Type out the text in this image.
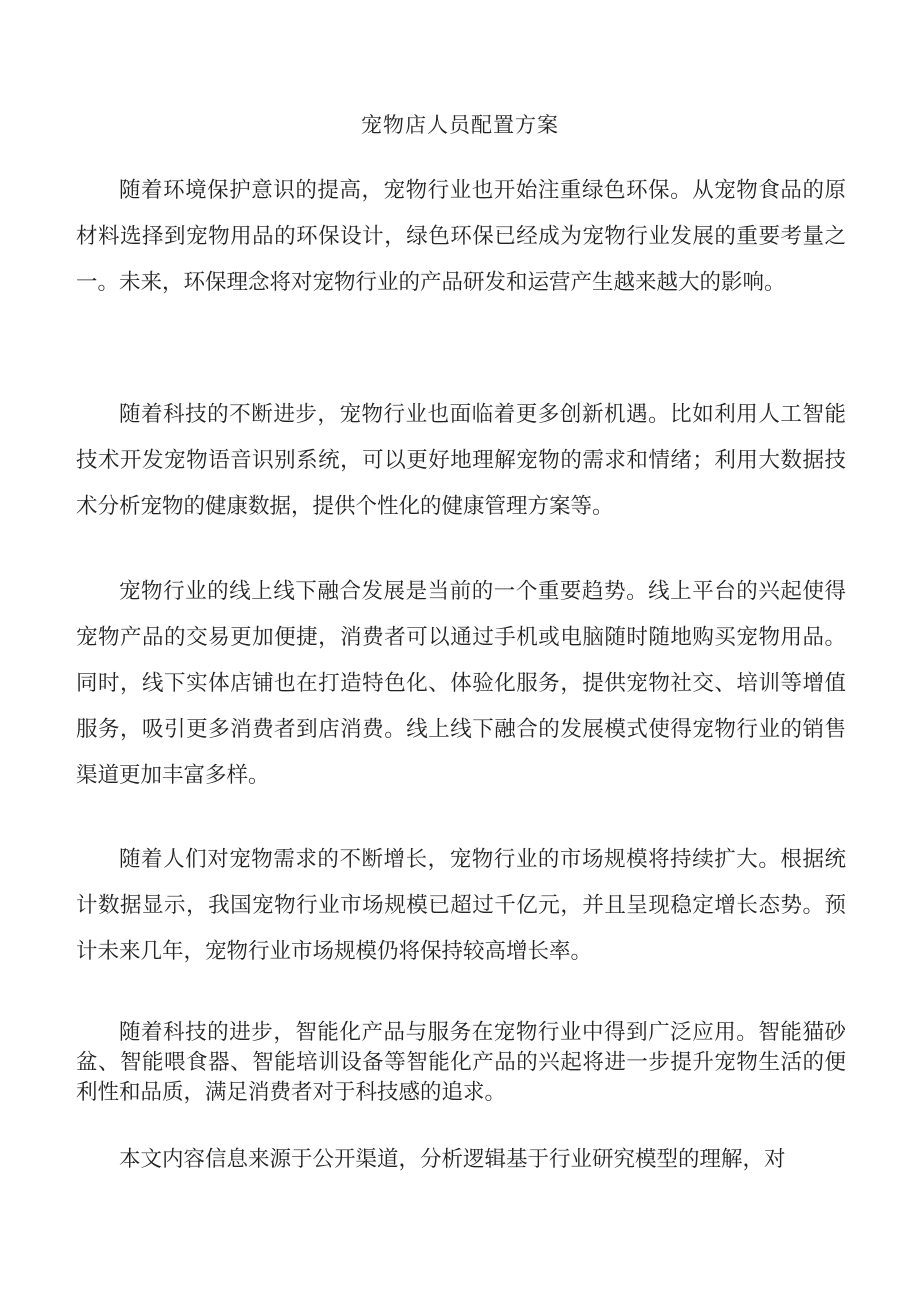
宠物店人员配置方案

随着环境保护意识的提高，宠物行业也开始注重绿色环保。从宠物食品的原材料选择到宠物用品的环保设计，绿色环保已经成为宠物行业发展的重要考量之一。未来，环保理念将对宠物行业的产品研发和运营产生越来越大的影响。

随着科技的不断进步，宠物行业也面临着更多创新机遇。比如利用人工智能技术开发宠物语音识别系统，可以更好地理解宠物的需求和情绪；利用大数据技术分析宠物的健康数据，提供个性化的健康管理方案等。

宠物行业的线上线下融合发展是当前的一个重要趋势。线上平台的兴起使得宠物产品的交易更加便捷，消费者可以通过手机或电脑随时随地购买宠物用品。同时，线下实体店铺也在打造特色化、体验化服务，提供宠物社交、培训等增值服务，吸引更多消费者到店消费。线上线下融合的发展模式使得宠物行业的销售渠道更加丰富多样。

随着人们对宠物需求的不断增长，宠物行业的市场规模将持续扩大。根据统计数据显示，我国宠物行业市场规模已超过千亿元，并且呈现稳定增长态势。预计未来几年，宠物行业市场规模仍将保持较高增长率。

随着科技的进步，智能化产品与服务在宠物行业中得到广泛应用。智能猫砂盆、智能喂食器、智能培训设备等智能化产品的兴起将进一步提升宠物生活的便利性和品质，满足消费者对于科技感的追求。

本文内容信息来源于公开渠道，分析逻辑基于行业研究模型的理解，对
